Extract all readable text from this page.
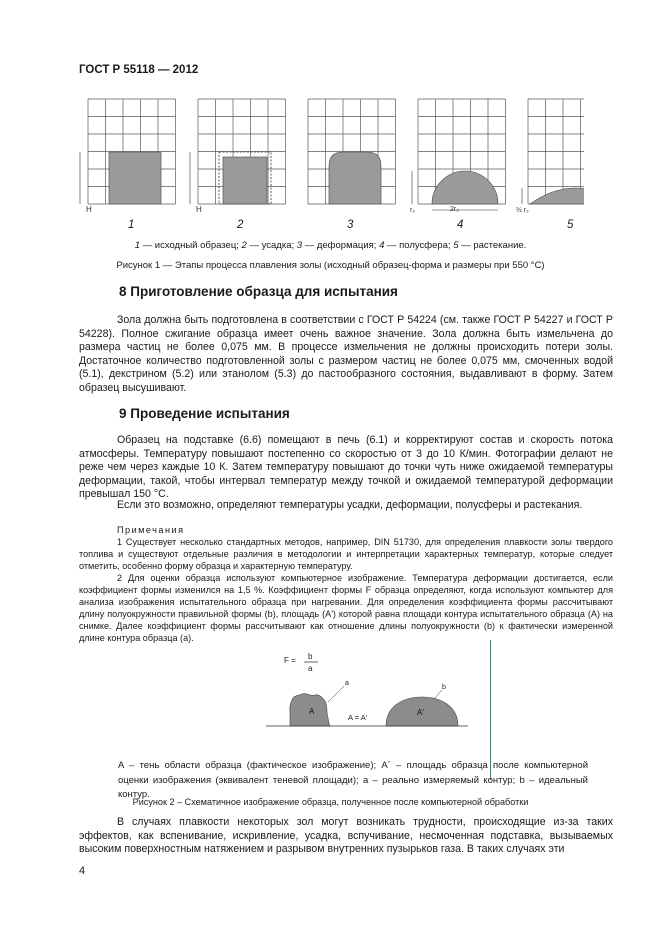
ГОСТ Р 55118 — 2012
H	H	r₂	2r₂	½ r₂
1	2	3	4	5
1 — исходный образец; 2 — усадка; 3 — деформация; 4 — полусфера; 5 — растекание.
Рисунок 1 — Этапы процесса плавления золы (исходный образец-форма и размеры при 550 °С)
8 Приготовление образца для испытания
Зола должна быть подготовлена в соответствии с ГОСТ Р 54224 (см. также ГОСТ Р 54227 и ГОСТ Р 54228). Полное сжигание образца имеет очень важное значение. Зола должна быть измельчена до размера частиц не более 0,075 мм. В процессе измельчения не должны происходить потери золы. Достаточное количество подготовленной золы с размером частиц не более 0,075 мм, смоченных водой (5.1), декстрином (5.2) или этанолом (5.3) до пастообразного состояния, выдавливают в форму. Затем образец высушивают.
9 Проведение испытания
Образец на подставке (6.6) помещают в печь (6.1) и корректируют состав и скорость потока атмосферы. Температуру повышают постепенно со скоростью от 3 до 10 К/мин. Фотографии делают не реже чем через каждые 10 К. Затем температуру повышают до точки чуть ниже ожидаемой температуры деформации, такой, чтобы интервал температур между точкой и ожидаемой температурой деформации превышал 150 °С.
Если это возможно, определяют температуры усадки, деформации, полусферы и растекания.
Примечания
1 Существует несколько стандартных методов, например, DIN 51730, для определения плавкости золы твердого топлива и существуют отдельные различия в методологии и интерпретации характерных температур, которые следует отметить, особенно форму образца и характерную температуру.
2 Для оценки образца используют компьютерное изображение. Температура деформации достигается, если коэффициент формы изменился на 1,5 %. Коэффициент формы F образца определяют, когда используют компьютер для анализа изображения испытательного образца при нагревании. Для определения коэффициента формы рассчитывают длину полуокружности правильной формы (b), площадь (A') которой равна площади контура испытательного образца (A) на снимке. Далее коэффициент формы рассчитывают как отношение длины полуокружности (b) к фактически измеренной длине контура образца (a).
F = b
a
A
a
A = A'
A'
b
A – тень области образца (фактическое изображение); A´ – площадь образца после компьютерной оценки изображения (эквивалент теневой площади); a – реально измеряемый контур; b – идеальный контур.
Рисунок 2 – Схематичное изображение образца, полученное после компьютерной обработки
В случаях плавкости некоторых зол могут возникать трудности, происходящие из-за таких эффектов, как вспенивание, искривление, усадка, вспучивание, несмоченная подставка, вызываемых высоким поверхностным натяжением и разрывом внутренних пузырьков газа. В таких случаях эти
4
